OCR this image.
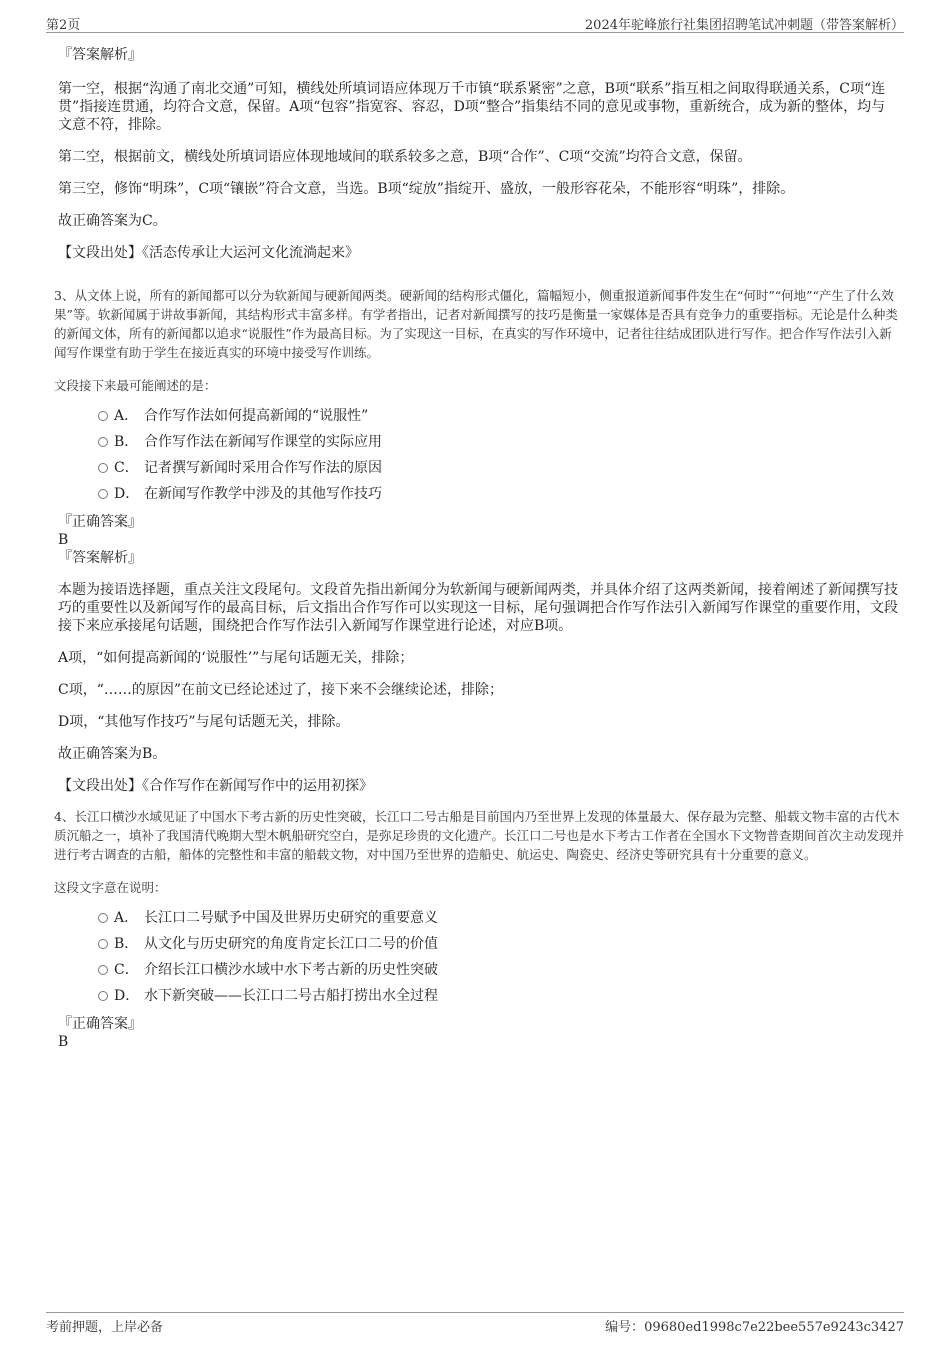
第2页	2024年驼峰旅行社集团招聘笔试冲刺题（带答案解析）

『答案解析』

第一空，根据“沟通了南北交通”可知，横线处所填词语应体现万千市镇“联系紧密”之意，B项“联系”指互相之间取得联通关系，C项“连贯”指接连贯通，均符合文意，保留。A项“包容”指宽容、容忍，D项“整合”指集结不同的意见或事物，重新统合，成为新的整体，均与文意不符，排除。

第二空，根据前文，横线处所填词语应体现地域间的联系较多之意，B项“合作”、C项“交流”均符合文意，保留。

第三空，修饰“明珠”，C项“镶嵌”符合文意，当选。B项“绽放”指绽开、盛放，一般形容花朵，不能形容“明珠”，排除。

故正确答案为C。

【文段出处】《活态传承让大运河文化流淌起来》

3、从文体上说，所有的新闻都可以分为软新闻与硬新闻两类。硬新闻的结构形式僵化，篇幅短小，侧重报道新闻事件发生在“何时”“何地”“产生了什么效果”等。软新闻属于讲故事新闻，其结构形式丰富多样。有学者指出，记者对新闻撰写的技巧是衡量一家媒体是否具有竞争力的重要指标。无论是什么种类的新闻文体，所有的新闻都以追求“说服性”作为最高目标。为了实现这一目标，在真实的写作环境中，记者往往结成团队进行写作。把合作写作法引入新闻写作课堂有助于学生在接近真实的环境中接受写作训练。

文段接下来最可能阐述的是：

A． 合作写作法如何提高新闻的“说服性”
B． 合作写作法在新闻写作课堂的实际应用
C． 记者撰写新闻时采用合作写作法的原因
D． 在新闻写作教学中涉及的其他写作技巧

『正确答案』

B

『答案解析』

本题为接语选择题，重点关注文段尾句。文段首先指出新闻分为软新闻与硬新闻两类，并具体介绍了这两类新闻，接着阐述了新闻撰写技巧的重要性以及新闻写作的最高目标，后文指出合作写作可以实现这一目标，尾句强调把合作写作法引入新闻写作课堂的重要作用，文段接下来应承接尾句话题，围绕把合作写作法引入新闻写作课堂进行论述，对应B项。

A项，“如何提高新闻的‘说服性’”与尾句话题无关，排除；

C项，“……的原因”在前文已经论述过了，接下来不会继续论述，排除；

D项，“其他写作技巧”与尾句话题无关，排除。

故正确答案为B。

【文段出处】《合作写作在新闻写作中的运用初探》

4、长江口横沙水域见证了中国水下考古新的历史性突破，长江口二号古船是目前国内乃至世界上发现的体量最大、保存最为完整、船载文物丰富的古代木质沉船之一，填补了我国清代晚期大型木帆船研究空白，是弥足珍贵的文化遗产。长江口二号也是水下考古工作者在全国水下文物普查期间首次主动发现并进行考古调查的古船，船体的完整性和丰富的船载文物，对中国乃至世界的造船史、航运史、陶瓷史、经济史等研究具有十分重要的意义。

这段文字意在说明：

A． 长江口二号赋予中国及世界历史研究的重要意义
B． 从文化与历史研究的角度肯定长江口二号的价值
C． 介绍长江口横沙水域中水下考古新的历史性突破
D． 水下新突破——长江口二号古船打捞出水全过程

『正确答案』

B

考前押题，上岸必备	编号：09680ed1998c7e22bee557e9243c3427
